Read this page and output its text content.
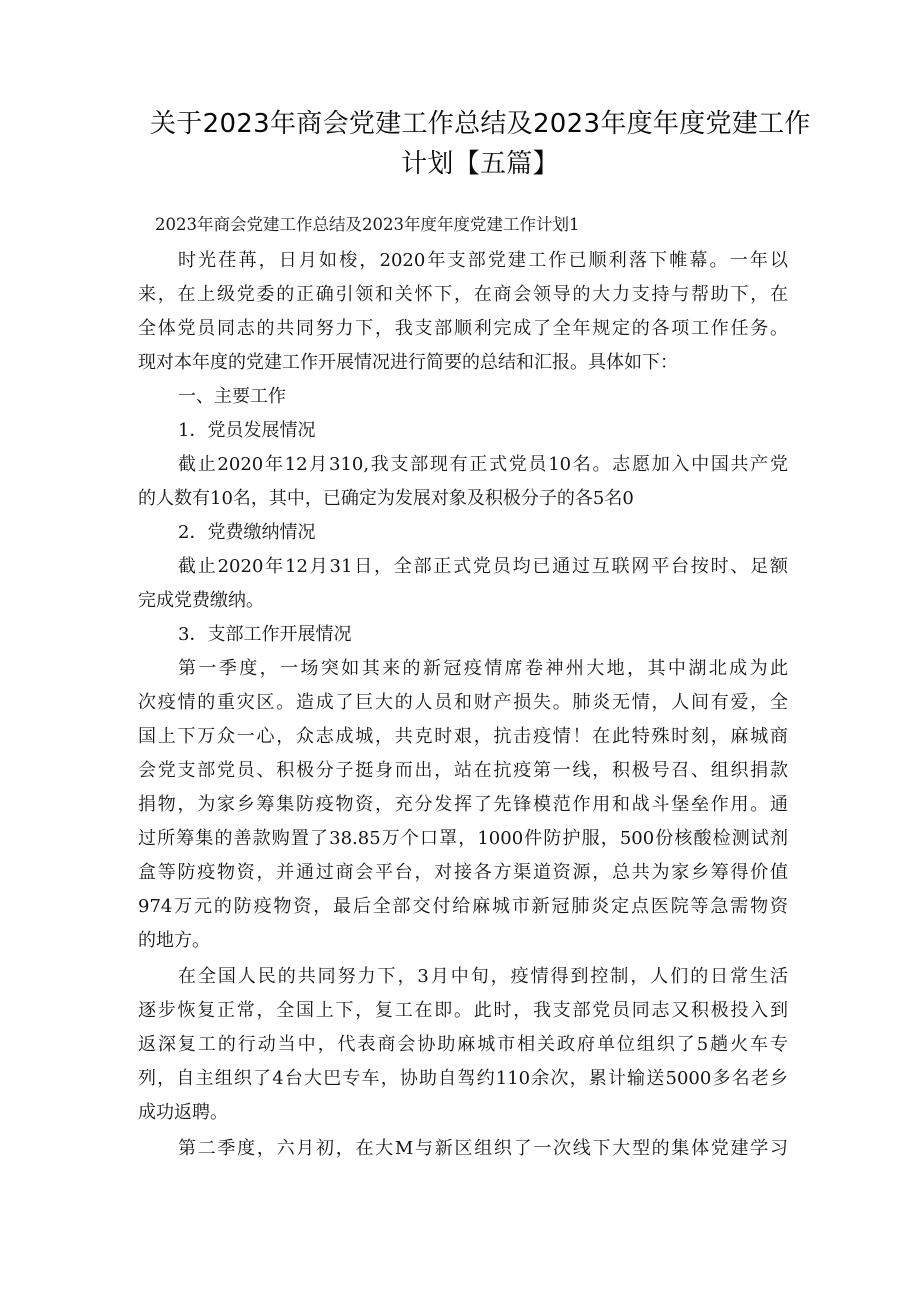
关于2023年商会党建工作总结及2023年度年度党建工作
计划【五篇】
2023年商会党建工作总结及2023年度年度党建工作计划1
时光荏苒，日月如梭，2020年支部党建工作已顺利落下帷幕。一年以
来，在上级党委的正确引领和关怀下，在商会领导的大力支持与帮助下，在
全体党员同志的共同努力下，我支部顺利完成了全年规定的各项工作任务。
现对本年度的党建工作开展情况进行简要的总结和汇报。具体如下：
一、主要工作
1．党员发展情况
截止2020年12月310,我支部现有正式党员10名。志愿加入中国共产党
的人数有10名，其中，已确定为发展对象及积极分子的各5名0
2．党费缴纳情况
截止2020年12月31日，全部正式党员均已通过互联网平台按时、足额
完成党费缴纳。
3．支部工作开展情况
第一季度，一场突如其来的新冠疫情席卷神州大地，其中湖北成为此
次疫情的重灾区。造成了巨大的人员和财产损失。肺炎无情，人间有爱，全
国上下万众一心，众志成城，共克时艰，抗击疫情！在此特殊时刻，麻城商
会党支部党员、积极分子挺身而出，站在抗疫第一线，积极号召、组织捐款
捐物，为家乡筹集防疫物资，充分发挥了先锋模范作用和战斗堡垒作用。通
过所筹集的善款购置了38.85万个口罩，1000件防护服，500份核酸检测试剂
盒等防疫物资，并通过商会平台，对接各方渠道资源，总共为家乡筹得价值
974万元的防疫物资，最后全部交付给麻城市新冠肺炎定点医院等急需物资
的地方。
在全国人民的共同努力下，3月中旬，疫情得到控制，人们的日常生活
逐步恢复正常，全国上下，复工在即。此时，我支部党员同志又积极投入到
返深复工的行动当中，代表商会协助麻城市相关政府单位组织了5趟火车专
列，自主组织了4台大巴专车，协助自驾约110余次，累计输送5000多名老乡
成功返聘。
第二季度，六月初，在大M与新区组织了一次线下大型的集体党建学习
